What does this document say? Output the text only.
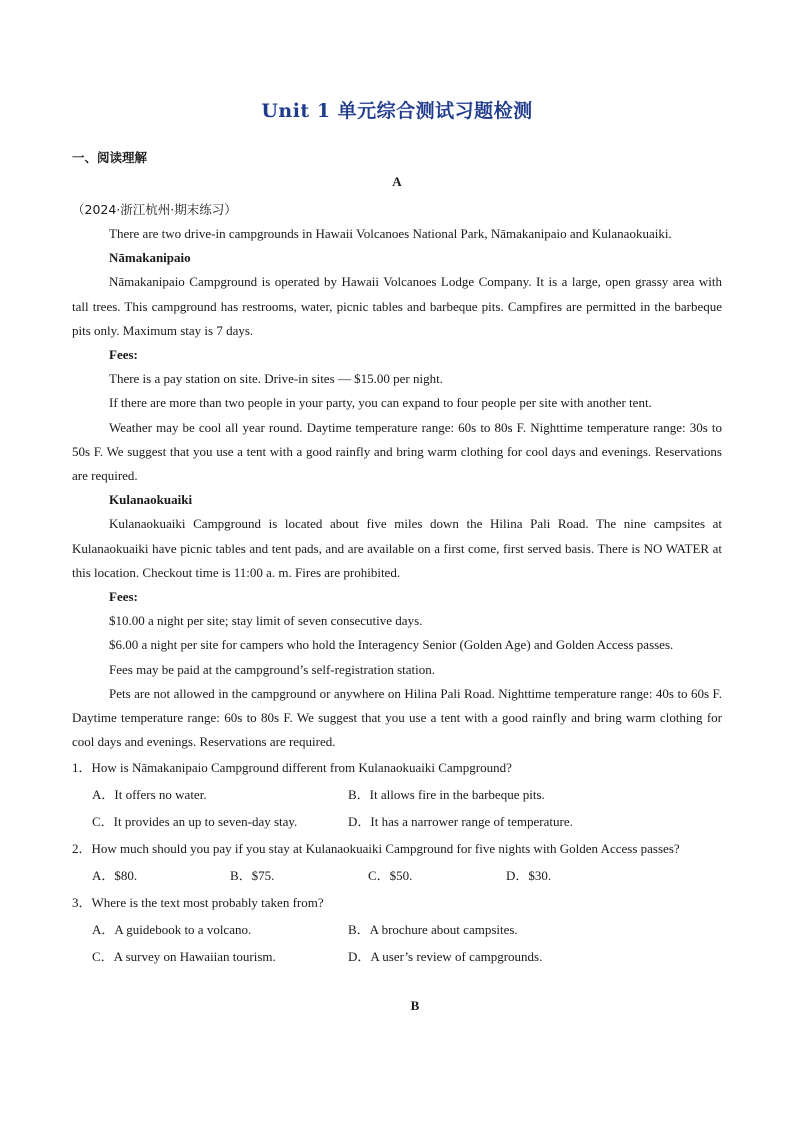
Unit 1 单元综合测试习题检测
一、阅读理解
A
（2024·浙江杭州·期末练习）

There are two drive-in campgrounds in Hawaii Volcanoes National Park, Nāmakanipaio and Kulanaokuaiki.

Nāmakanipaio

Nāmakanipaio Campground is operated by Hawaii Volcanoes Lodge Company. It is a large, open grassy area with tall trees. This campground has restrooms, water, picnic tables and barbeque pits. Campfires are permitted in the barbeque pits only. Maximum stay is 7 days.

Fees:

There is a pay station on site. Drive-in sites — $15.00 per night.

If there are more than two people in your party, you can expand to four people per site with another tent.

Weather may be cool all year round. Daytime temperature range: 60s to 80s F. Nighttime temperature range: 30s to 50s F. We suggest that you use a tent with a good rainfly and bring warm clothing for cool days and evenings. Reservations are required.

Kulanaokuaiki

Kulanaokuaiki Campground is located about five miles down the Hilina Pali Road. The nine campsites at Kulanaokuaiki have picnic tables and tent pads, and are available on a first come, first served basis. There is NO WATER at this location. Checkout time is 11:00 a. m. Fires are prohibited.

Fees:

$10.00 a night per site; stay limit of seven consecutive days.

$6.00 a night per site for campers who hold the Interagency Senior (Golden Age) and Golden Access passes.

Fees may be paid at the campground’s self-registration station.

Pets are not allowed in the campground or anywhere on Hilina Pali Road. Nighttime temperature range: 40s to 60s F. Daytime temperature range: 60s to 80s F. We suggest that you use a tent with a good rainfly and bring warm clothing for cool days and evenings. Reservations are required.

1．How is Nāmakanipaio Campground different from Kulanaokuaiki Campground?

A．It offers no water.	B．It allows fire in the barbeque pits.
C．It provides an up to seven-day stay.	D．It has a narrower range of temperature.

2．How much should you pay if you stay at Kulanaokuaiki Campground for five nights with Golden Access passes?

A．$80.	B．$75.	C．$50.	D．$30.

3．Where is the text most probably taken from?

A．A guidebook to a volcano.	B．A brochure about campsites.
C．A survey on Hawaiian tourism.	D．A user’s review of campgrounds.
B
